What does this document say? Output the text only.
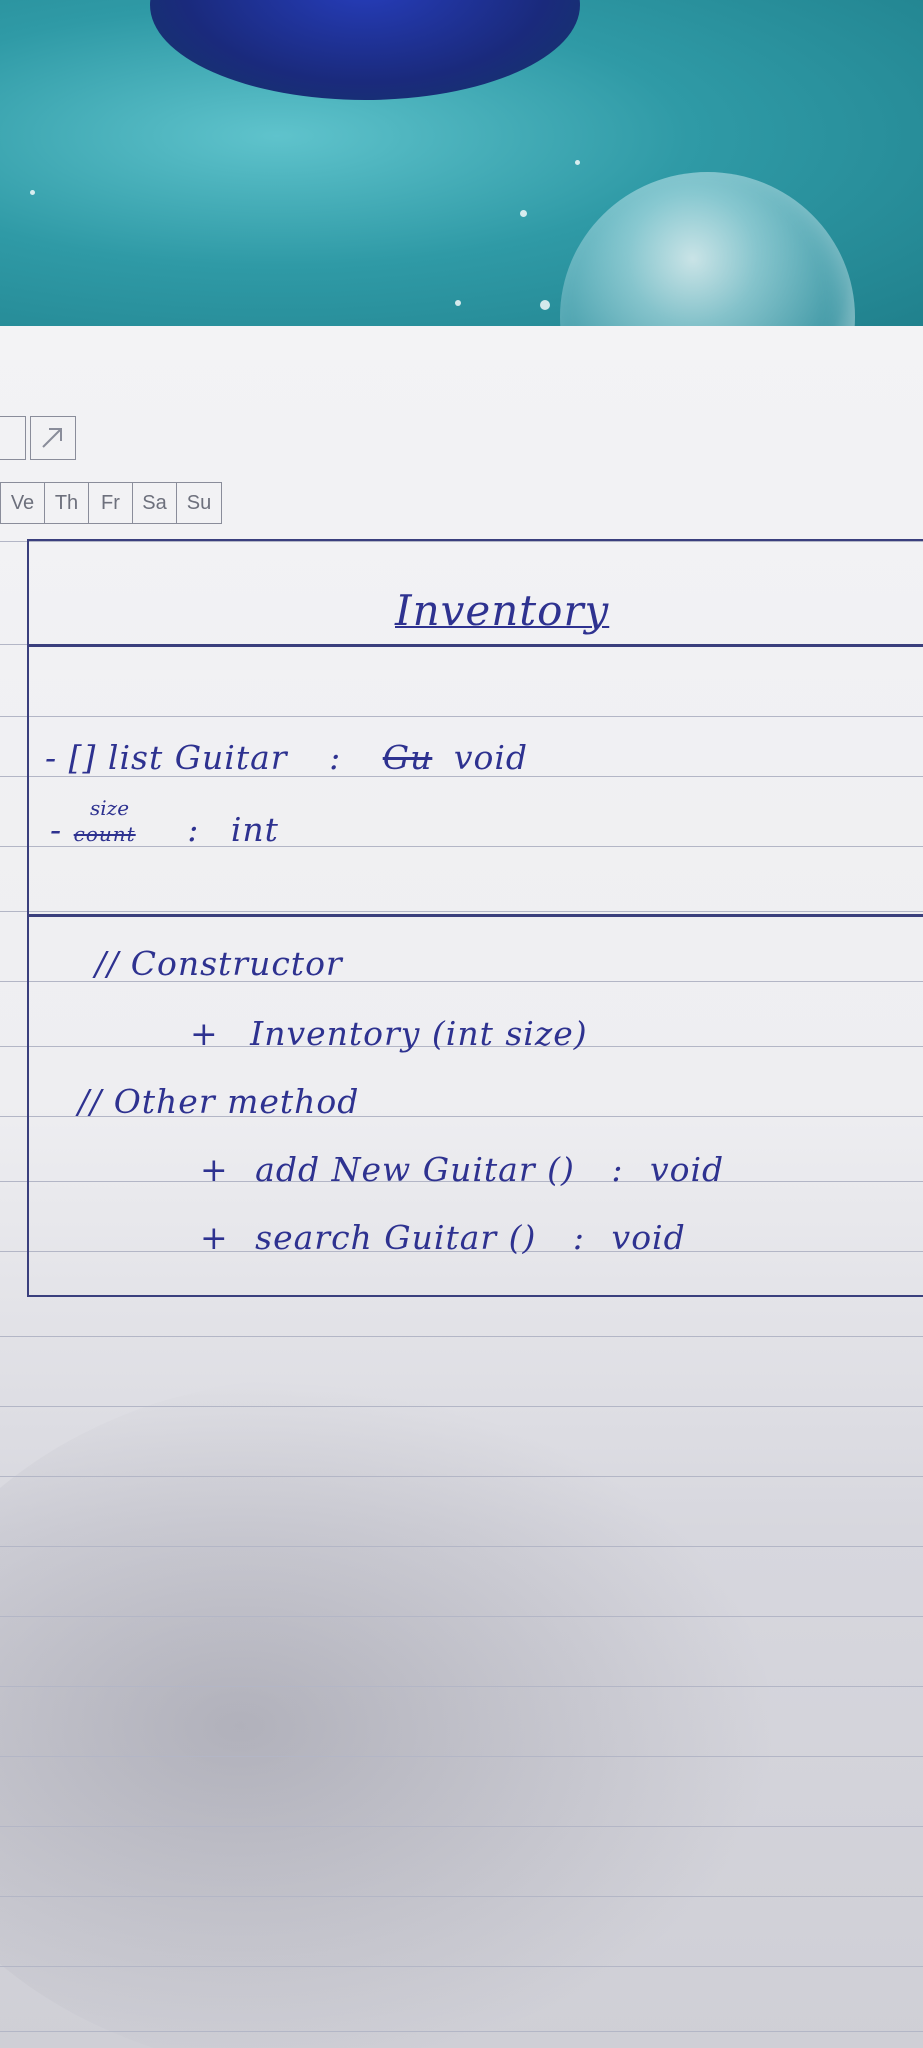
Ve	Th	Fr	Sa	Su
Inventory
- [] list Guitar : Gu void
size
- count : int
// Constructor
+ Inventory (int size)
// Other method
+ add New Guitar () : void
+ search Guitar () : void
